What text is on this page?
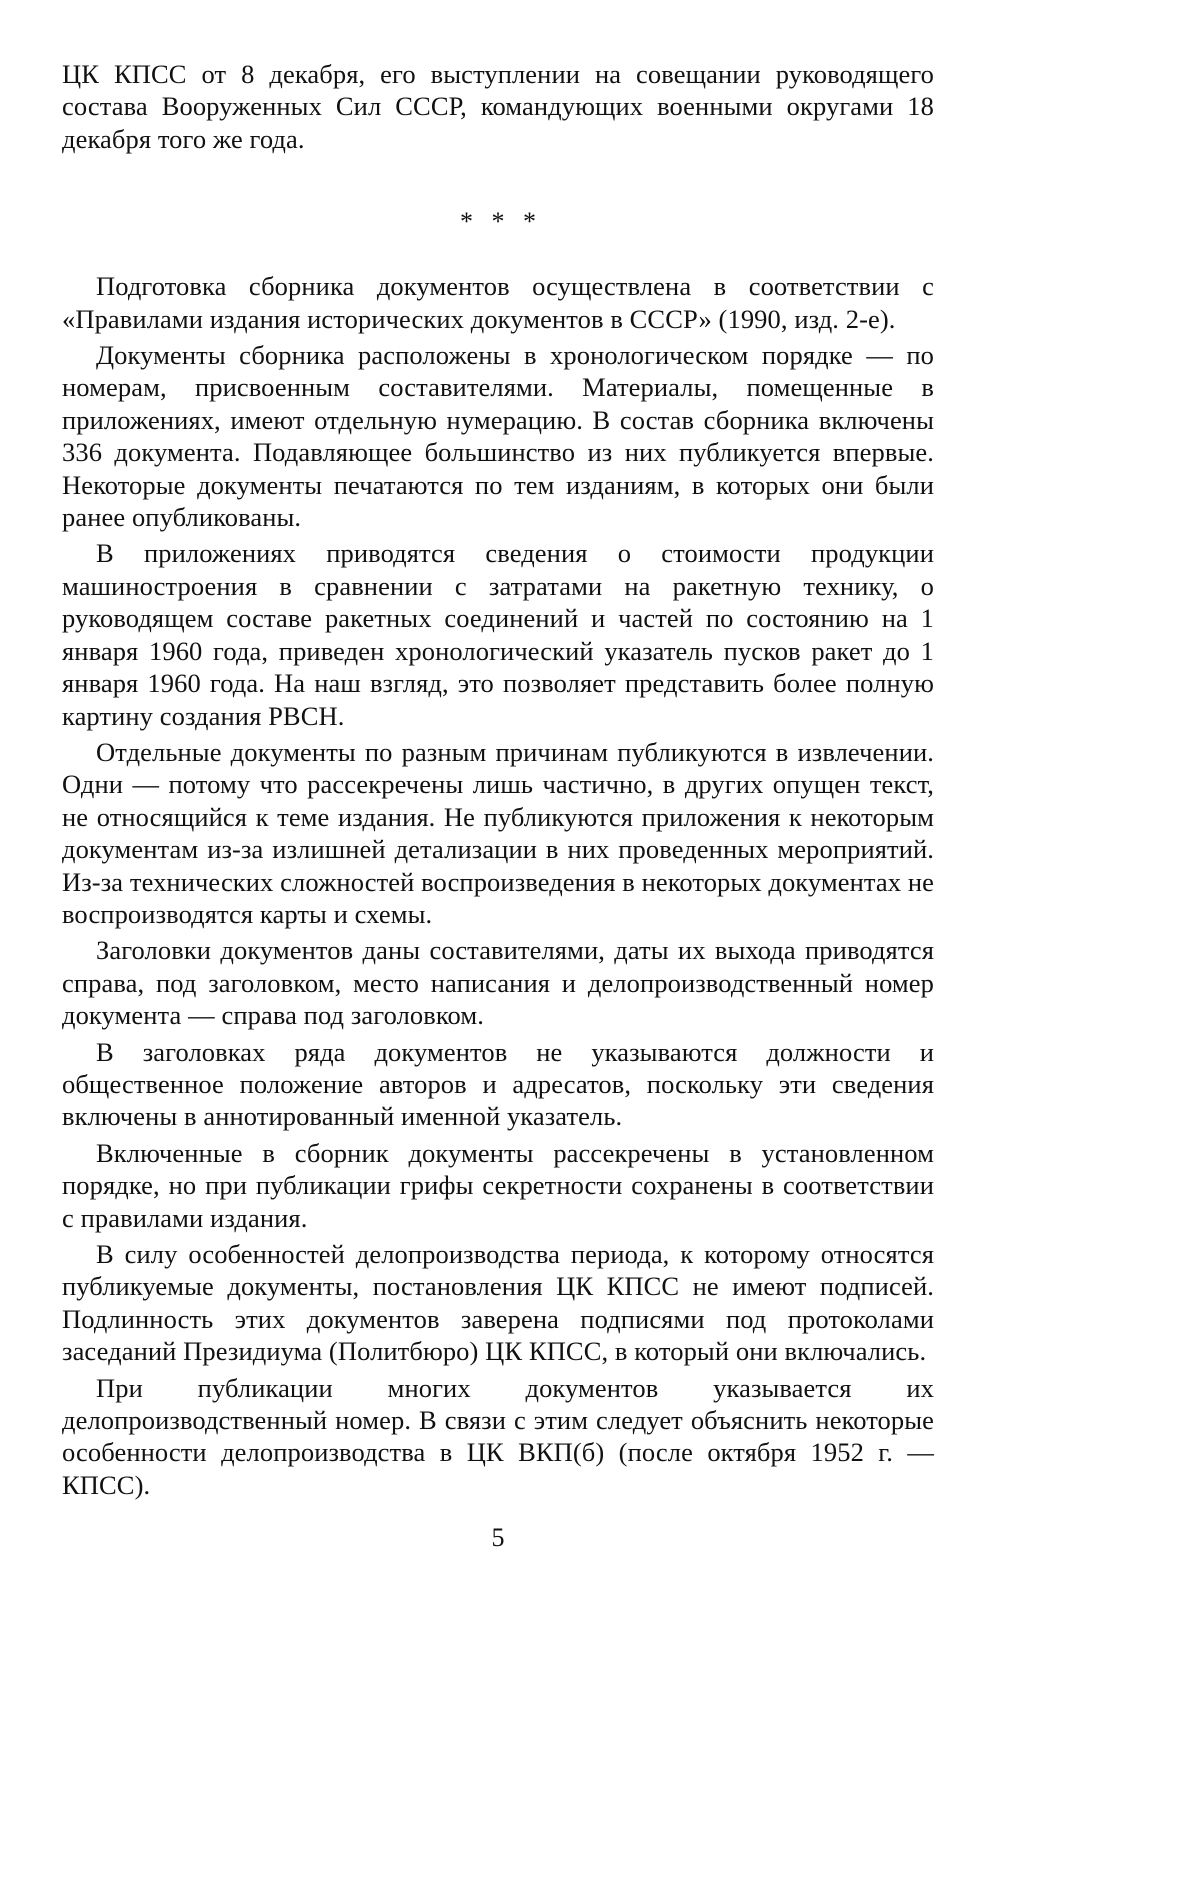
ЦК КПСС от 8 декабря, его выступлении на совещании руководящего состава Вооруженных Сил СССР, командующих военными округами 18 декабря того же года.

* * *

Подготовка сборника документов осуществлена в соответствии с «Правилами издания исторических документов в СССР» (1990, изд. 2-е).

Документы сборника расположены в хронологическом порядке — по номерам, присвоенным составителями. Материалы, помещенные в приложениях, имеют отдельную нумерацию. В состав сборника включены 336 документа. Подавляющее большинство из них публикуется впервые. Некоторые документы печатаются по тем изданиям, в которых они были ранее опубликованы.

В приложениях приводятся сведения о стоимости продукции машиностроения в сравнении с затратами на ракетную технику, о руководящем составе ракетных соединений и частей по состоянию на 1 января 1960 года, приведен хронологический указатель пусков ракет до 1 января 1960 года. На наш взгляд, это позволяет представить более полную картину создания РВСН.

Отдельные документы по разным причинам публикуются в извлечении. Одни — потому что рассекречены лишь частично, в других опущен текст, не относящийся к теме издания. Не публикуются приложения к некоторым документам из-за излишней детализации в них проведенных мероприятий. Из-за технических сложностей воспроизведения в некоторых документах не воспроизводятся карты и схемы.

Заголовки документов даны составителями, даты их выхода приводятся справа, под заголовком, место написания и делопроизводственный номер документа — справа под заголовком.

В заголовках ряда документов не указываются должности и общественное положение авторов и адресатов, поскольку эти сведения включены в аннотированный именной указатель.

Включенные в сборник документы рассекречены в установленном порядке, но при публикации грифы секретности сохранены в соответствии с правилами издания.

В силу особенностей делопроизводства периода, к которому относятся публикуемые документы, постановления ЦК КПСС не имеют подписей. Подлинность этих документов заверена подписями под протоколами заседаний Президиума (Политбюро) ЦК КПСС, в который они включались.

При публикации многих документов указывается их делопроизводственный номер. В связи с этим следует объяснить некоторые особенности делопроизводства в ЦК ВКП(б) (после октября 1952 г. — КПСС).

5
